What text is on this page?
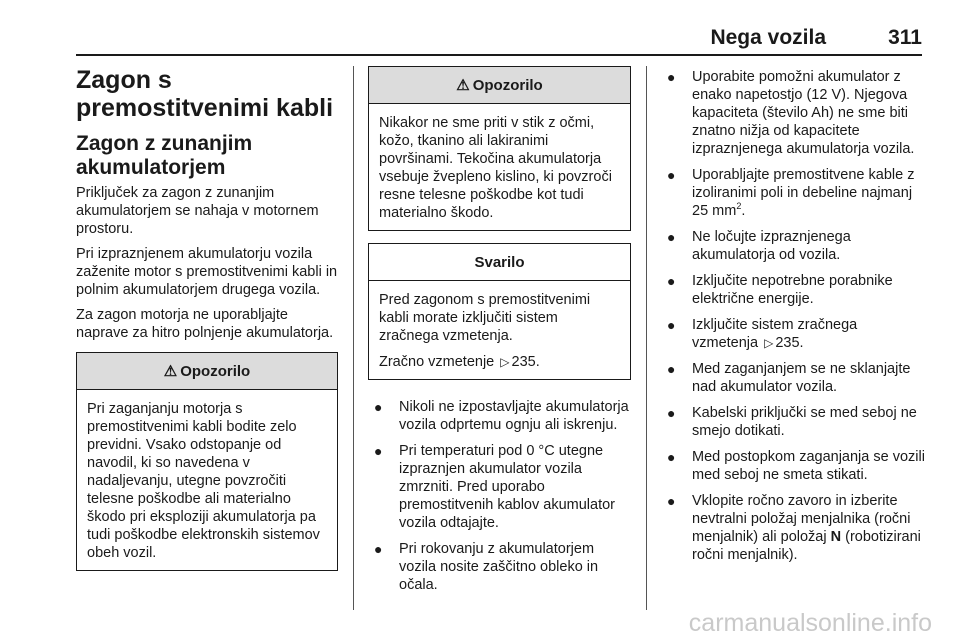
Nega vozila	311
Zagon s
premostitvenimi kabli
Zagon z zunanjim
akumulatorjem
Priključek za zagon z zunanjim akumulatorjem se nahaja v motornem prostoru.
Pri izpraznjenem akumulatorju vozila zaženite motor s premostitvenimi kabli in polnim akumulatorjem drugega vozila.
Za zagon motorja ne uporabljajte naprave za hitro polnjenje akumulatorja.
⚠ Opozorilo
Pri zaganjanju motorja s premostitvenimi kabli bodite zelo previdni. Vsako odstopanje od navodil, ki so navedena v nadaljevanju, utegne povzročiti telesne poškodbe ali materialno škodo pri eksploziji akumulatorja pa tudi poškodbe elektronskih sistemov obeh vozil.
⚠ Opozorilo
Nikakor ne sme priti v stik z očmi, kožo, tkanino ali lakiranimi površinami. Tekočina akumulatorja vsebuje žvepleno kislino, ki povzroči resne telesne poškodbe kot tudi materialno škodo.
Svarilo
Pred zagonom s premostitvenimi kabli morate izključiti sistem zračnega vzmetenja.
Zračno vzmetenje ▷ 235.
● Nikoli ne izpostavljajte akumulatorja vozila odprtemu ognju ali iskrenju.
● Pri temperaturi pod 0 °C utegne izpraznjen akumulator vozila zmrzniti. Pred uporabo premostitvenih kablov akumulator vozila odtajajte.
● Pri rokovanju z akumulatorjem vozila nosite zaščitno obleko in očala.
● Uporabite pomožni akumulator z enako napetostjo (12 V). Njegova kapaciteta (število Ah) ne sme biti znatno nižja od kapacitete izpraznjenega akumulatorja vozila.
● Uporabljajte premostitvene kable z izoliranimi poli in debeline najmanj 25 $mm^2$.
● Ne ločujte izpraznjenega akumulatorja od vozila.
● Izključite nepotrebne porabnike električne energije.
● Izključite sistem zračnega vzmetenja ▷ 235.
● Med zaganjanjem se ne sklanjajte nad akumulator vozila.
● Kabelski priključki se med seboj ne smejo dotikati.
● Med postopkom zaganjanja se vozili med seboj ne smeta stikati.
● Vklopite ročno zavoro in izberite nevtralni položaj menjalnika (ročni menjalnik) ali položaj N (robotizirani ročni menjalnik).
carmanualsonline.info
